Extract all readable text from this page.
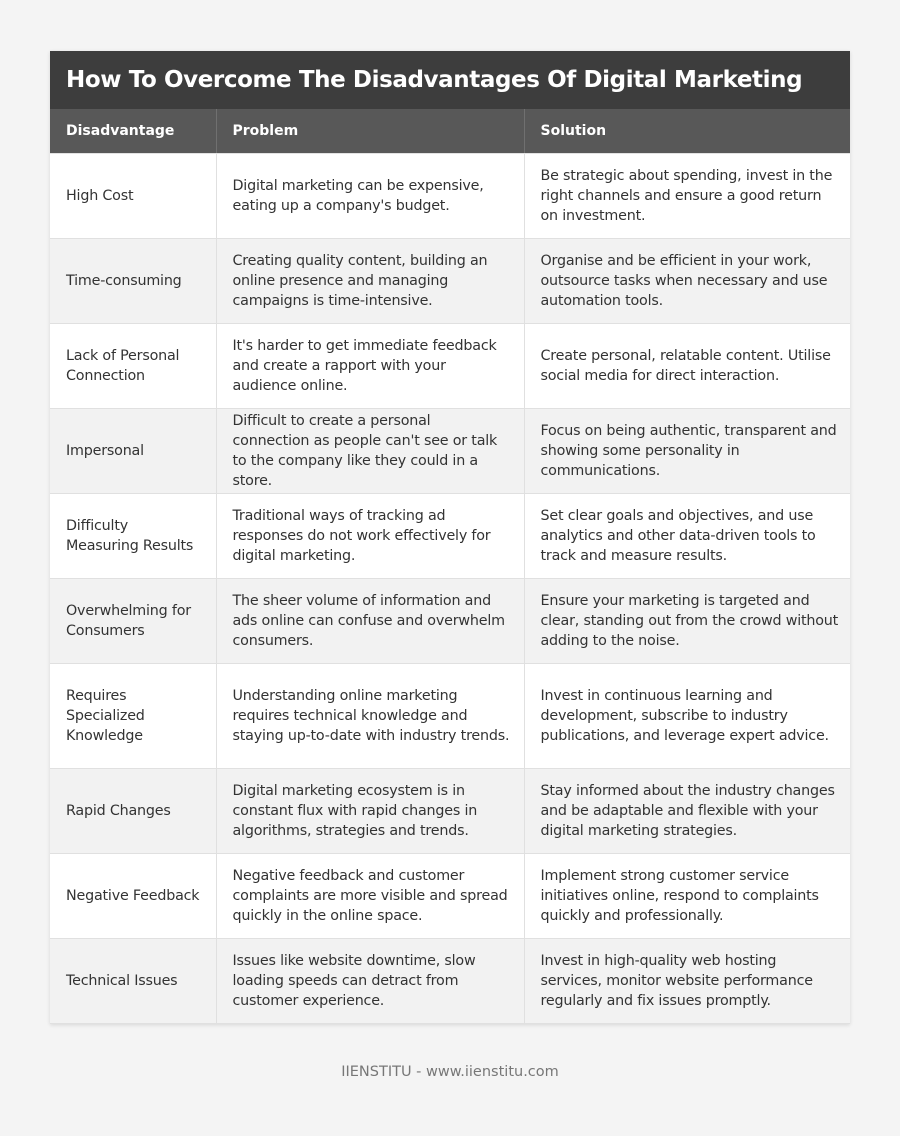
How To Overcome The Disadvantages Of Digital Marketing
Disadvantage	Problem	Solution
High Cost	Digital marketing can be expensive, eating up a company's budget.	Be strategic about spending, invest in the right channels and ensure a good return on investment.
Time-consuming	Creating quality content, building an online presence and managing campaigns is time-intensive.	Organise and be efficient in your work, outsource tasks when necessary and use automation tools.
Lack of Personal Connection	It's harder to get immediate feedback and create a rapport with your audience online.	Create personal, relatable content. Utilise social media for direct interaction.
Impersonal	Difficult to create a personal connection as people can't see or talk to the company like they could in a store.	Focus on being authentic, transparent and showing some personality in communications.
Difficulty Measuring Results	Traditional ways of tracking ad responses do not work effectively for digital marketing.	Set clear goals and objectives, and use analytics and other data-driven tools to track and measure results.
Overwhelming for Consumers	The sheer volume of information and ads online can confuse and overwhelm consumers.	Ensure your marketing is targeted and clear, standing out from the crowd without adding to the noise.
Requires Specialized Knowledge	Understanding online marketing requires technical knowledge and staying up-to-date with industry trends.	Invest in continuous learning and development, subscribe to industry publications, and leverage expert advice.
Rapid Changes	Digital marketing ecosystem is in constant flux with rapid changes in algorithms, strategies and trends.	Stay informed about the industry changes and be adaptable and flexible with your digital marketing strategies.
Negative Feedback	Negative feedback and customer complaints are more visible and spread quickly in the online space.	Implement strong customer service initiatives online, respond to complaints quickly and professionally.
Technical Issues	Issues like website downtime, slow loading speeds can detract from customer experience.	Invest in high-quality web hosting services, monitor website performance regularly and fix issues promptly.
IIENSTITU - www.iienstitu.com
